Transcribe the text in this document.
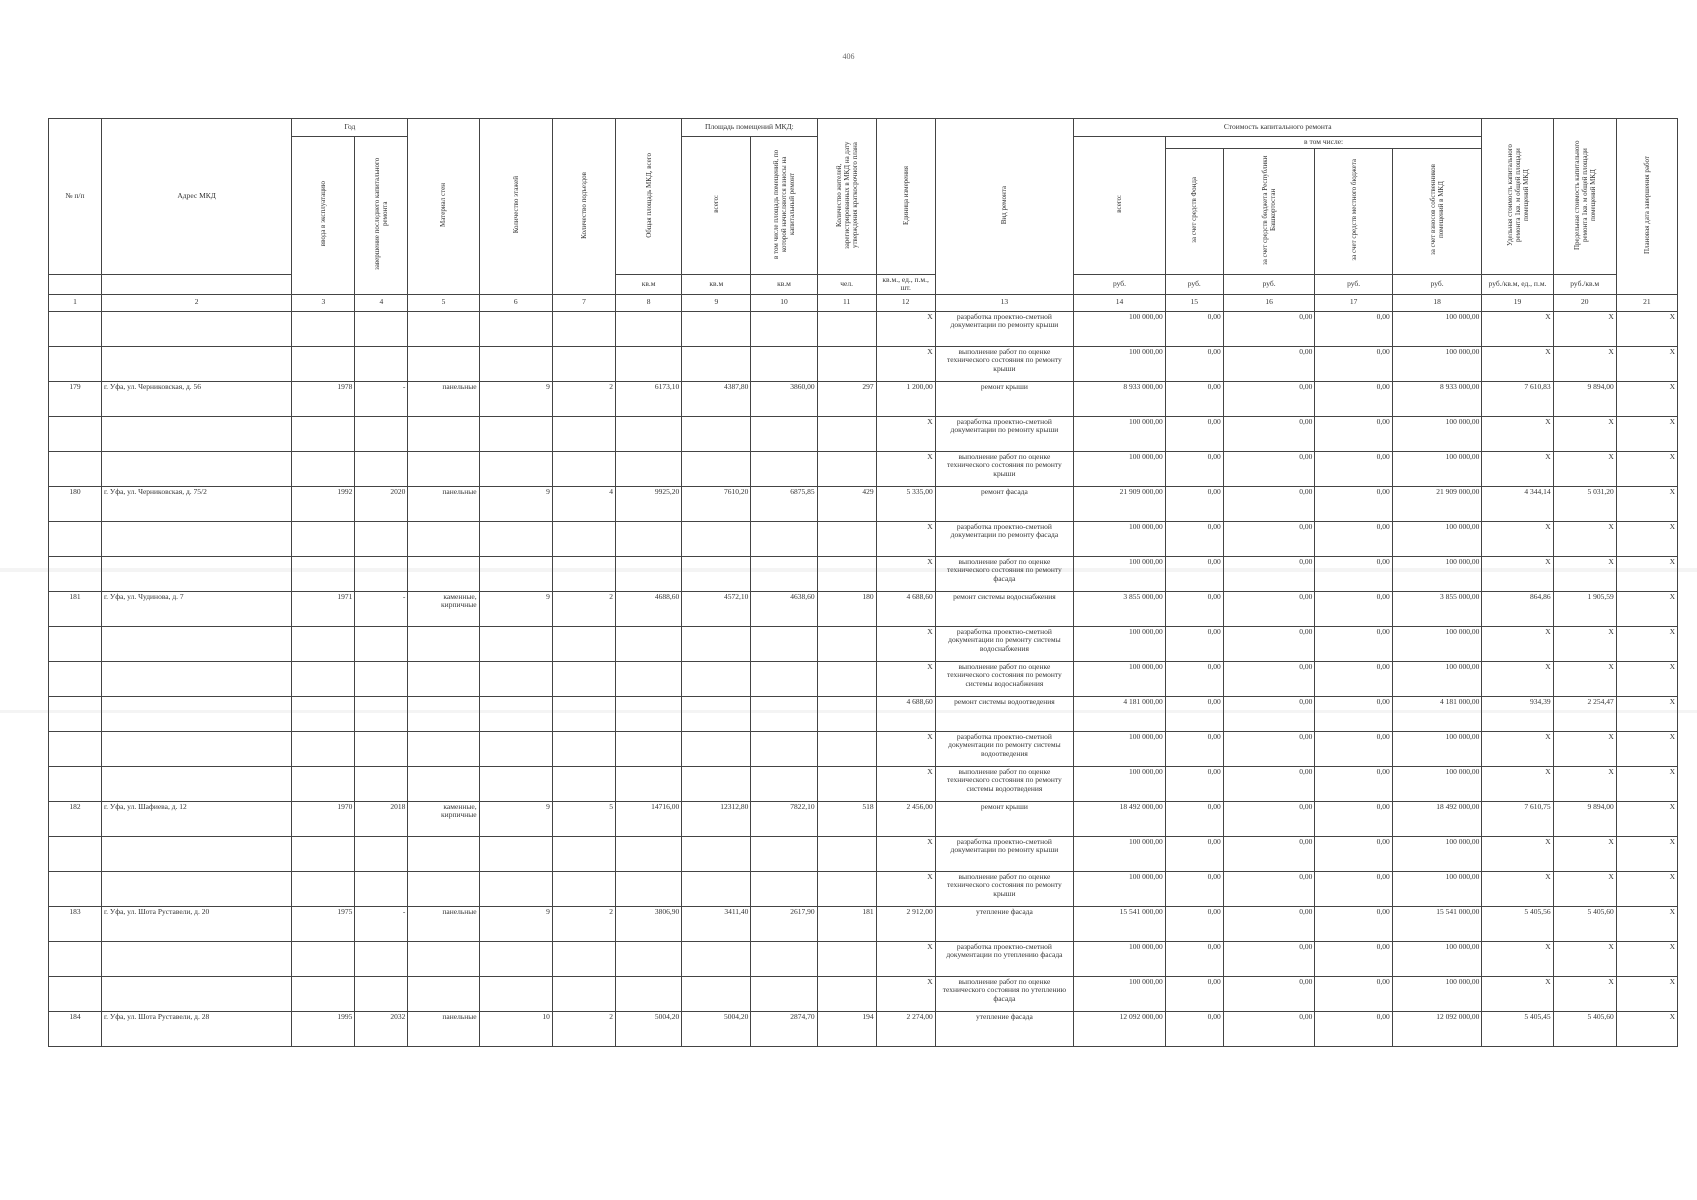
406
№ п/п	Адрес МКД	Год		Материал стен	Количество этажей	Количество подъездов	Общая площадь МКД, всего	Площадь помещений МКД:		Количество жителей, зарегистрированных в МКД на дату утверждения краткосрочного плана	Единица измерения	Вид ремонта	Стоимость капитального ремонта					Удельная стоимость капитального ремонта 1кв. м общей площади помещений МКД	Предельная стоимость капитального ремонта 1кв. м общей площади помещений МКД	Плановая дата завершения работ
		ввода в эксплуатацию	завершение последнего капитального ремонта					всего:	в том числе площадь помещений, по которой начисляются взносы на капитальный ремонт				всего:	в том числе:						
														за счет средств Фонда	за счет средств бюджета Республики Башкортостан	за счет средств местного бюджета	за счет взносов собственников помещений в МКД			
							кв.м	кв.м	кв.м	чел.	кв.м., ед., п.м., шт.		руб.	руб.	руб.	руб.	руб.	руб./кв.м, ед., п.м.	руб./кв.м	
1	2	3	4	5	6	7	8	9	10	11	12	13	14	15	16	17	18	19	20	21
											X	разработка проектно-сметной документации по ремонту крыши	100 000,00	0,00	0,00	0,00	100 000,00	X	X	X
											X	выполнение работ по оценке технического состояния по ремонту крыши	100 000,00	0,00	0,00	0,00	100 000,00	X	X	X
179	г. Уфа, ул. Черниковская, д. 56	1978	-	панельные	9	2	6173,10	4387,80	3860,00	297	1 200,00	ремонт крыши	8 933 000,00	0,00	0,00	0,00	8 933 000,00	7 610,83	9 894,00	X
											X	разработка проектно-сметной документации по ремонту крыши	100 000,00	0,00	0,00	0,00	100 000,00	X	X	X
											X	выполнение работ по оценке технического состояния по ремонту крыши	100 000,00	0,00	0,00	0,00	100 000,00	X	X	X
180	г. Уфа, ул. Черниковская, д. 75/2	1992	2020	панельные	9	4	9925,20	7610,20	6875,85	429	5 335,00	ремонт фасада	21 909 000,00	0,00	0,00	0,00	21 909 000,00	4 344,14	5 031,20	X
											X	разработка проектно-сметной документации по ремонту фасада	100 000,00	0,00	0,00	0,00	100 000,00	X	X	X
											X	выполнение работ по оценке технического состояния по ремонту фасада	100 000,00	0,00	0,00	0,00	100 000,00	X	X	X
181	г. Уфа, ул. Чудинова, д. 7	1971	-	каменные, кирпичные	9	2	4688,60	4572,10	4638,60	180	4 688,60	ремонт системы водоснабжения	3 855 000,00	0,00	0,00	0,00	3 855 000,00	864,86	1 905,59	X
											X	разработка проектно-сметной документации по ремонту системы водоснабжения	100 000,00	0,00	0,00	0,00	100 000,00	X	X	X
											X	выполнение работ по оценке технического состояния по ремонту системы водоснабжения	100 000,00	0,00	0,00	0,00	100 000,00	X	X	X
											4 688,60	ремонт системы водоотведения	4 181 000,00	0,00	0,00	0,00	4 181 000,00	934,39	2 254,47	X
											X	разработка проектно-сметной документации по ремонту системы водоотведения	100 000,00	0,00	0,00	0,00	100 000,00	X	X	X
											X	выполнение работ по оценке технического состояния по ремонту системы водоотведения	100 000,00	0,00	0,00	0,00	100 000,00	X	X	X
182	г. Уфа, ул. Шафиева, д. 12	1970	2018	каменные, кирпичные	9	5	14716,00	12312,80	7822,10	518	2 456,00	ремонт крыши	18 492 000,00	0,00	0,00	0,00	18 492 000,00	7 610,75	9 894,00	X
											X	разработка проектно-сметной документации по ремонту крыши	100 000,00	0,00	0,00	0,00	100 000,00	X	X	X
											X	выполнение работ по оценке технического состояния по ремонту крыши	100 000,00	0,00	0,00	0,00	100 000,00	X	X	X
183	г. Уфа, ул. Шота Руставели, д. 20	1975	-	панельные	9	2	3806,90	3411,40	2617,90	181	2 912,00	утепление фасада	15 541 000,00	0,00	0,00	0,00	15 541 000,00	5 405,56	5 405,60	X
											X	разработка проектно-сметной документации по утеплению фасада	100 000,00	0,00	0,00	0,00	100 000,00	X	X	X
											X	выполнение работ по оценке технического состояния по утеплению фасада	100 000,00	0,00	0,00	0,00	100 000,00	X	X	X
184	г. Уфа, ул. Шота Руставели, д. 28	1995	2032	панельные	10	2	5004,20	5004,20	2874,70	194	2 274,00	утепление фасада	12 092 000,00	0,00	0,00	0,00	12 092 000,00	5 405,45	5 405,60	X
